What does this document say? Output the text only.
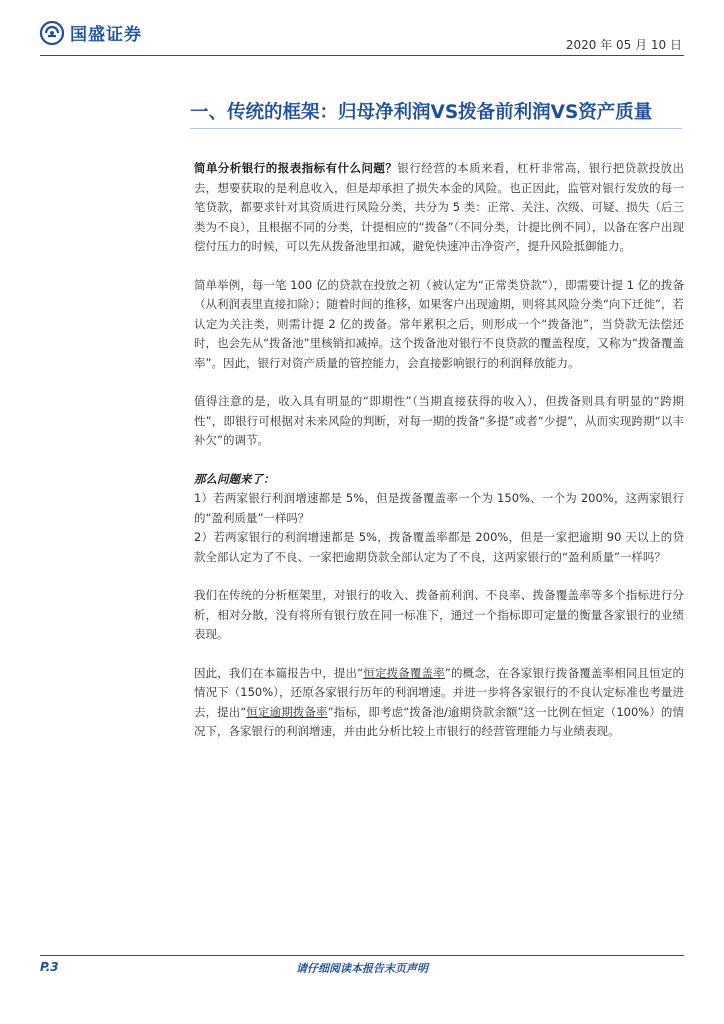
国盛证券	2020 年 05 月 10 日
一、传统的框架：归母净利润VS拨备前利润VS资产质量

简单分析银行的报表指标有什么问题？银行经营的本质来看，杠杆非常高，银行把贷款投放出去，想要获取的是利息收入，但是却承担了损失本金的风险。也正因此，监管对银行发放的每一笔贷款，都要求针对其资质进行风险分类，共分为 5 类：正常、关注、次级、可疑、损失（后三类为不良），且根据不同的分类，计提相应的“拨备”（不同分类，计提比例不同），以备在客户出现偿付压力的时候，可以先从拨备池里扣减，避免快速冲击净资产，提升风险抵御能力。

简单举例，每一笔 100 亿的贷款在投放之初（被认定为“正常类贷款”），即需要计提 1 亿的拨备（从利润表里直接扣除）；随着时间的推移，如果客户出现逾期，则将其风险分类“向下迁徙”，若认定为关注类，则需计提 2 亿的拨备。常年累积之后，则形成一个“拨备池”，当贷款无法偿还时，也会先从“拨备池”里核销扣减掉。这个拨备池对银行不良贷款的覆盖程度，又称为“拨备覆盖率”。因此，银行对资产质量的管控能力，会直接影响银行的利润释放能力。

值得注意的是，收入具有明显的“即期性”（当期直接获得的收入），但拨备则具有明显的“跨期性”，即银行可根据对未来风险的判断，对每一期的拨备“多提”或者“少提”，从而实现跨期“以丰补欠”的调节。

那么问题来了：
1）若两家银行利润增速都是 5%，但是拨备覆盖率一个为 150%、一个为 200%，这两家银行的“盈利质量”一样吗？
2）若两家银行的利润增速都是 5%，拨备覆盖率都是 200%，但是一家把逾期 90 天以上的贷款全部认定为了不良、一家把逾期贷款全部认定为了不良，这两家银行的“盈利质量”一样吗？

我们在传统的分析框架里，对银行的收入、拨备前利润、不良率、拨备覆盖率等多个指标进行分析，相对分散，没有将所有银行放在同一标准下，通过一个指标即可定量的衡量各家银行的业绩表现。

因此，我们在本篇报告中，提出“恒定拨备覆盖率”的概念，在各家银行拨备覆盖率相同且恒定的情况下（150%），还原各家银行历年的利润增速。并进一步将各家银行的不良认定标准也考量进去，提出“恒定逾期拨备率”指标，即考虑“拨备池/逾期贷款余额”这一比例在恒定（100%）的情况下，各家银行的利润增速，并由此分析比较上市银行的经营管理能力与业绩表现。

P.3	请仔细阅读本报告末页声明
